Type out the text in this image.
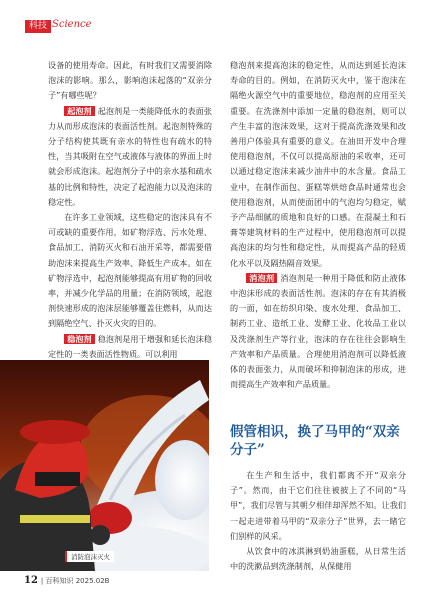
科技 Science

设备的使用寿命。因此，有时我们又需要消除泡沫的影响。那么，影响泡沫起落的“双亲分子”有哪些呢？

起泡剂 起泡剂是一类能降低水的表面张力从而形成泡沫的表面活性剂。起泡剂特殊的分子结构使其既有亲水的特性也有疏水的特性，当其吸附在空气或液体与液体的界面上时就会形成泡沫。起泡剂分子中的亲水基和疏水基的比例和特性，决定了起泡能力以及泡沫的稳定性。

在许多工业领域，这些稳定的泡沫具有不可或缺的重要作用，如矿物浮选、污水处理、食品加工、消防灭火和石油开采等，都需要借助泡沫来提高生产效率、降低生产成本。如在矿物浮选中，起泡剂能够提高有用矿物的回收率，并减少化学品的用量；在消防领域，起泡剂快速形成的泡沫层能够覆盖住燃料，从而达到隔绝空气、扑灭火灾的目的。

稳泡剂 稳泡剂是用于增强和延长泡沫稳定性的一类表面活性物质。可以利用

消防泡沫灭火

稳泡剂来提高泡沫的稳定性，从而达到延长泡沫寿命的目的。例如，在消防灭火中，鉴于泡沫在隔绝火源空气中的重要地位，稳泡剂的应用至关重要。在洗涤剂中添加一定量的稳泡剂，则可以产生丰富的泡沫效果，这对于提高洗涤效果和改善用户体验具有重要的意义。在油田开发中合理使用稳泡剂，不仅可以提高原油的采收率，还可以通过稳定泡沫来减少油井中的水含量。食品工业中，在制作面包、蛋糕等烘焙食品时通常也会使用稳泡剂，从而使面团中的气泡均匀稳定，赋予产品细腻的质地和良好的口感。在混凝土和石膏等建筑材料的生产过程中，使用稳泡剂可以提高泡沫的均匀性和稳定性，从而提高产品的轻质化水平以及隔热隔音效果。

消泡剂 消泡剂是一种用于降低和防止液体中泡沫形成的表面活性剂。泡沫的存在有其消极的一面，如在纺织印染、废水处理、食品加工、制药工业、造纸工业、发酵工业、化妆品工业以及洗涤剂生产等行业，泡沫的存在往往会影响生产效率和产品质量。合理使用消泡剂可以降低液体的表面张力，从而破坏和抑制泡沫的形成，进而提高生产效率和产品质量。

假管相识，换了马甲的“双亲分子”

在生产和生活中，我们都离不开“双亲分子”。然而，由于它们往往被披上了不同的“马甲”，我们尽管与其朝夕相伴却浑然不知。让我们一起走进带着马甲的“双亲分子”世界，去一睹它们别样的风采。

从饮食中的冰淇淋到奶油蛋糕，从日常生活中的洗漱品到洗涤制剂，从保健用

12 | 百科知识 2025.02B
